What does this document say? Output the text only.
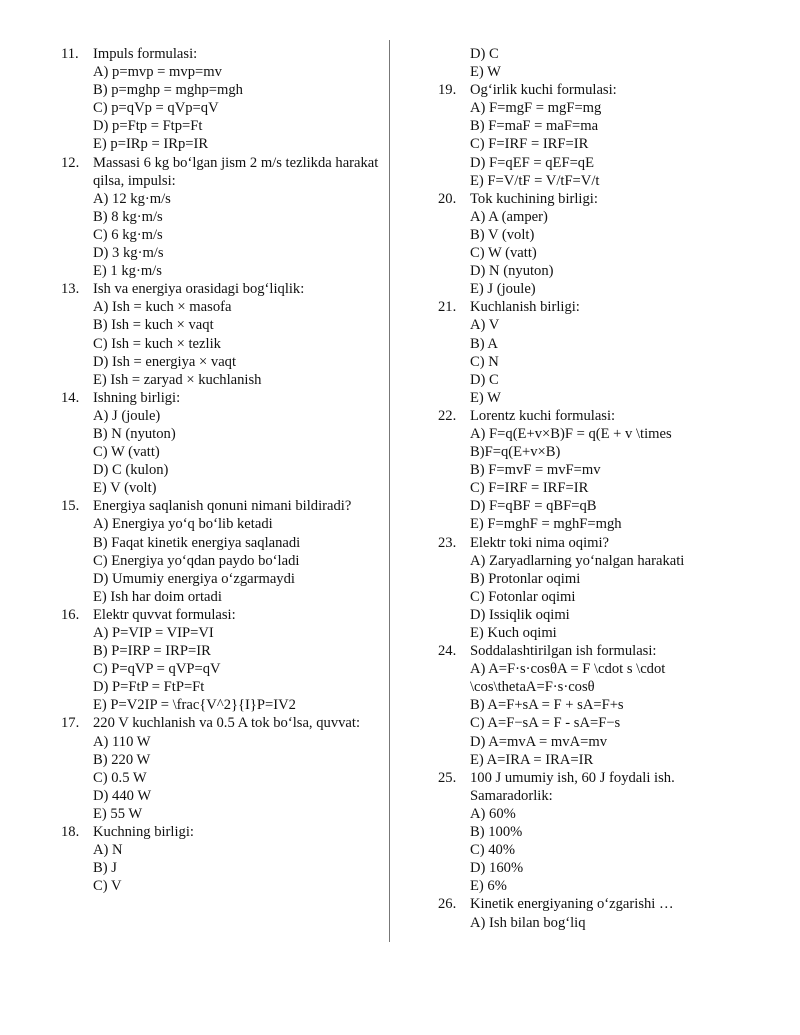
11. Impuls formulasi:
A) p=mvp = mvp=mv
B) p=mghp = mghp=mgh
C) p=qVp = qVp=qV
D) p=Ftp = Ftp=Ft
E) p=IRp = IRp=IR
12. Massasi 6 kg bo‘lgan jism 2 m/s tezlikda harakat qilsa, impulsi:
A) 12 kg·m/s
B) 8 kg·m/s
C) 6 kg·m/s
D) 3 kg·m/s
E) 1 kg·m/s
13. Ish va energiya orasidagi bog‘liqlik:
A) Ish = kuch × masofa
B) Ish = kuch × vaqt
C) Ish = kuch × tezlik
D) Ish = energiya × vaqt
E) Ish = zaryad × kuchlanish
14. Ishning birligi:
A) J (joule)
B) N (nyuton)
C) W (vatt)
D) C (kulon)
E) V (volt)
15. Energiya saqlanish qonuni nimani bildiradi?
A) Energiya yo‘q bo‘lib ketadi
B) Faqat kinetik energiya saqlanadi
C) Energiya yo‘qdan paydo bo‘ladi
D) Umumiy energiya o‘zgarmaydi
E) Ish har doim ortadi
16. Elektr quvvat formulasi:
A) P=VIP = VIP=VI
B) P=IRP = IRP=IR
C) P=qVP = qVP=qV
D) P=FtP = FtP=Ft
E) P=V2IP = \frac{V^2}{I}P=IV2
17. 220 V kuchlanish va 0.5 A tok bo‘lsa, quvvat:
A) 110 W
B) 220 W
C) 0.5 W
D) 440 W
E) 55 W
18. Kuchning birligi:
A) N
B) J
C) V
D) C
E) W
19. Og‘irlik kuchi formulasi:
A) F=mgF = mgF=mg
B) F=maF = maF=ma
C) F=IRF = IRF=IR
D) F=qEF = qEF=qE
E) F=V/tF = V/tF=V/t
20. Tok kuchining birligi:
A) A (amper)
B) V (volt)
C) W (vatt)
D) N (nyuton)
E) J (joule)
21. Kuchlanish birligi:
A) V
B) A
C) N
D) C
E) W
22. Lorentz kuchi formulasi:
A) F=q(E+v×B)F = q(E + v \times B)F=q(E+v×B)
B) F=mvF = mvF=mv
C) F=IRF = IRF=IR
D) F=qBF = qBF=qB
E) F=mghF = mghF=mgh
23. Elektr toki nima oqimi?
A) Zaryadlarning yo‘nalgan harakati
B) Protonlar oqimi
C) Fotonlar oqimi
D) Issiqlik oqimi
E) Kuch oqimi
24. Soddalashtirilgan ish formulasi:
A) A=F·s·cosθA = F \cdot s \cdot \cos\thetaA=F·s·cosθ
B) A=F+sA = F + sA=F+s
C) A=F−sA = F - sA=F−s
D) A=mvA = mvA=mv
E) A=IRA = IRA=IR
25. 100 J umumiy ish, 60 J foydali ish. Samaradorlik:
A) 60%
B) 100%
C) 40%
D) 160%
E) 6%
26. Kinetik energiyaning o‘zgarishi …
A) Ish bilan bog‘liq
